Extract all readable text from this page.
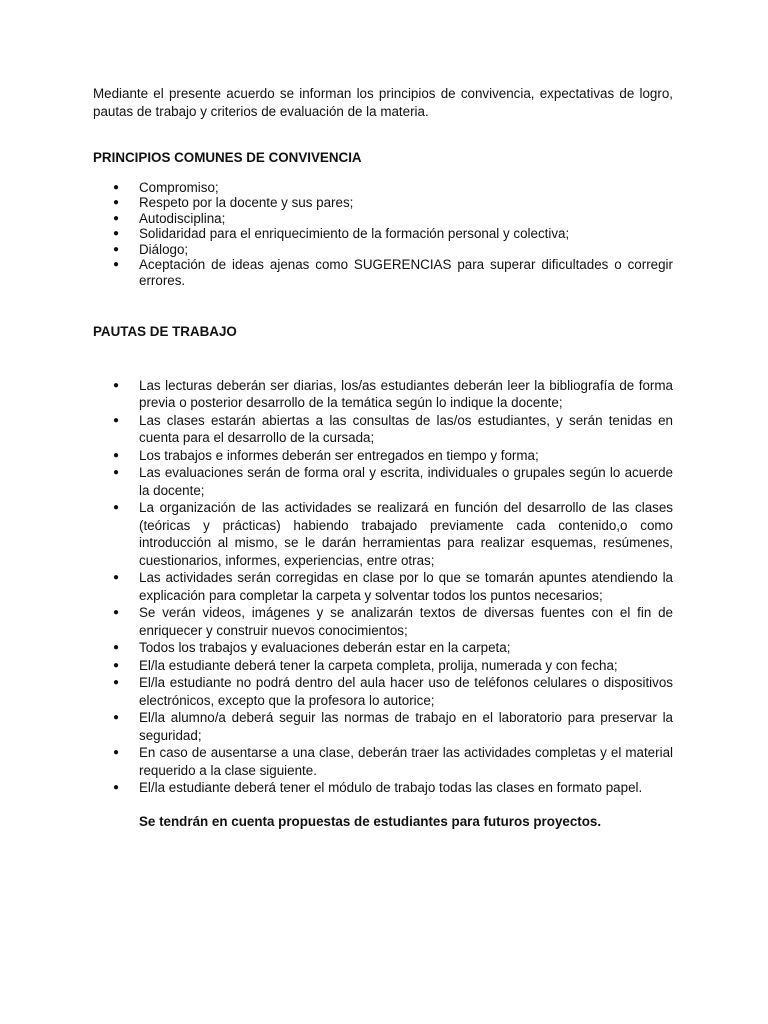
Mediante el presente acuerdo se informan los principios de convivencia, expectativas de logro, pautas de trabajo y criterios de evaluación de la materia.

PRINCIPIOS COMUNES DE CONVIVENCIA
● Compromiso;
● Respeto por la docente y sus pares;
● Autodisciplina;
● Solidaridad para el enriquecimiento de la formación personal y colectiva;
● Diálogo;
● Aceptación de ideas ajenas como SUGERENCIAS para superar dificultades o corregir errores.
PAUTAS DE TRABAJO
● Las lecturas deberán ser diarias, los/as estudiantes deberán leer la bibliografía de forma previa o posterior desarrollo de la temática según lo indique la docente;
● Las clases estarán abiertas a las consultas de las/os estudiantes, y serán tenidas en cuenta para el desarrollo de la cursada;
● Los trabajos e informes deberán ser entregados en tiempo y forma;
● Las evaluaciones serán de forma oral y escrita, individuales o grupales según lo acuerde la docente;
● La organización de las actividades se realizará en función del desarrollo de las clases (teóricas y prácticas) habiendo trabajado previamente cada contenido,o como introducción al mismo, se le darán herramientas para realizar esquemas, resúmenes, cuestionarios, informes, experiencias, entre otras;
● Las actividades serán corregidas en clase por lo que se tomarán apuntes atendiendo la explicación para completar la carpeta y solventar todos los puntos necesarios;
● Se verán videos, imágenes y se analizarán textos de diversas fuentes con el fin de enriquecer y construir nuevos conocimientos;
● Todos los trabajos y evaluaciones deberán estar en la carpeta;
● El/la estudiante deberá tener la carpeta completa, prolija, numerada y con fecha;
● El/la estudiante no podrá dentro del aula hacer uso de teléfonos celulares o dispositivos electrónicos, excepto que la profesora lo autorice;
● El/la alumno/a deberá seguir las normas de trabajo en el laboratorio para preservar la seguridad;
● En caso de ausentarse a una clase, deberán traer las actividades completas y el material requerido a la clase siguiente.
● El/la estudiante deberá tener el módulo de trabajo todas las clases en formato papel.

Se tendrán en cuenta propuestas de estudiantes para futuros proyectos.
